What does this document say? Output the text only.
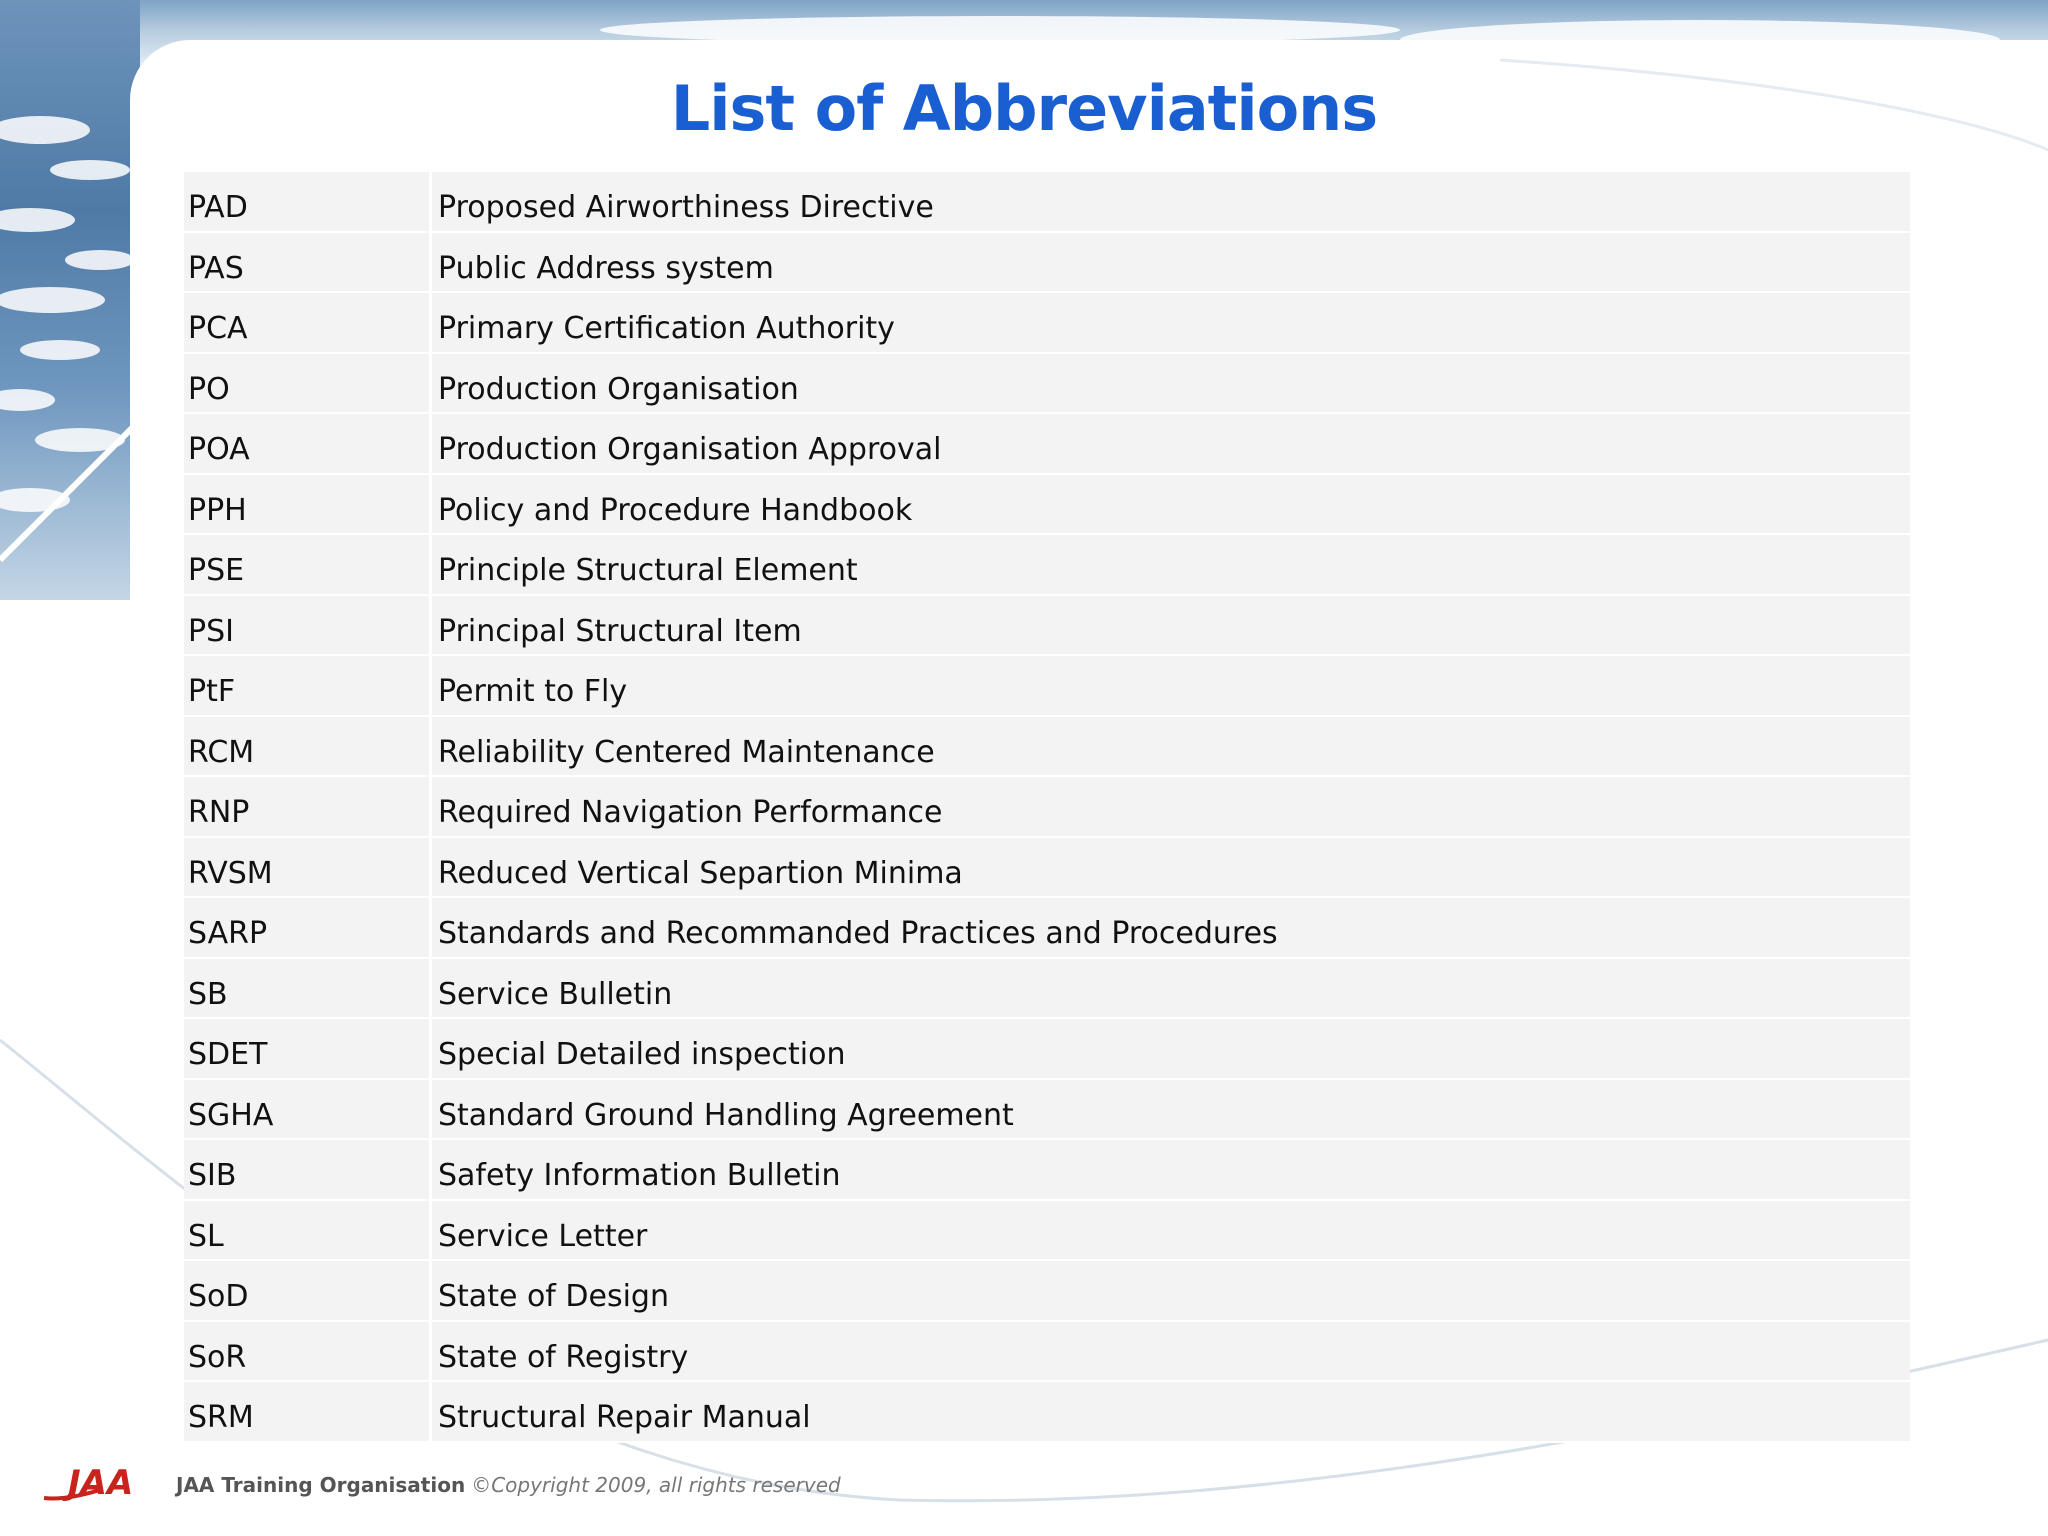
List of Abbreviations
PAD	Proposed Airworthiness Directive
PAS	Public Address system
PCA	Primary Certification Authority
PO	Production Organisation
POA	Production Organisation Approval
PPH	Policy and Procedure Handbook
PSE	Principle Structural Element
PSI	Principal Structural Item
PtF	Permit to Fly
RCM	Reliability Centered Maintenance
RNP	Required Navigation Performance
RVSM	Reduced Vertical Separtion Minima
SARP	Standards and Recommanded Practices and Procedures
SB	Service Bulletin
SDET	Special Detailed inspection
SGHA	Standard Ground Handling Agreement
SIB	Safety Information Bulletin
SL	Service Letter
SoD	State of Design
SoR	State of Registry
SRM	Structural Repair Manual
JAA JAA Training Organisation ©Copyright 2009, all rights reserved
